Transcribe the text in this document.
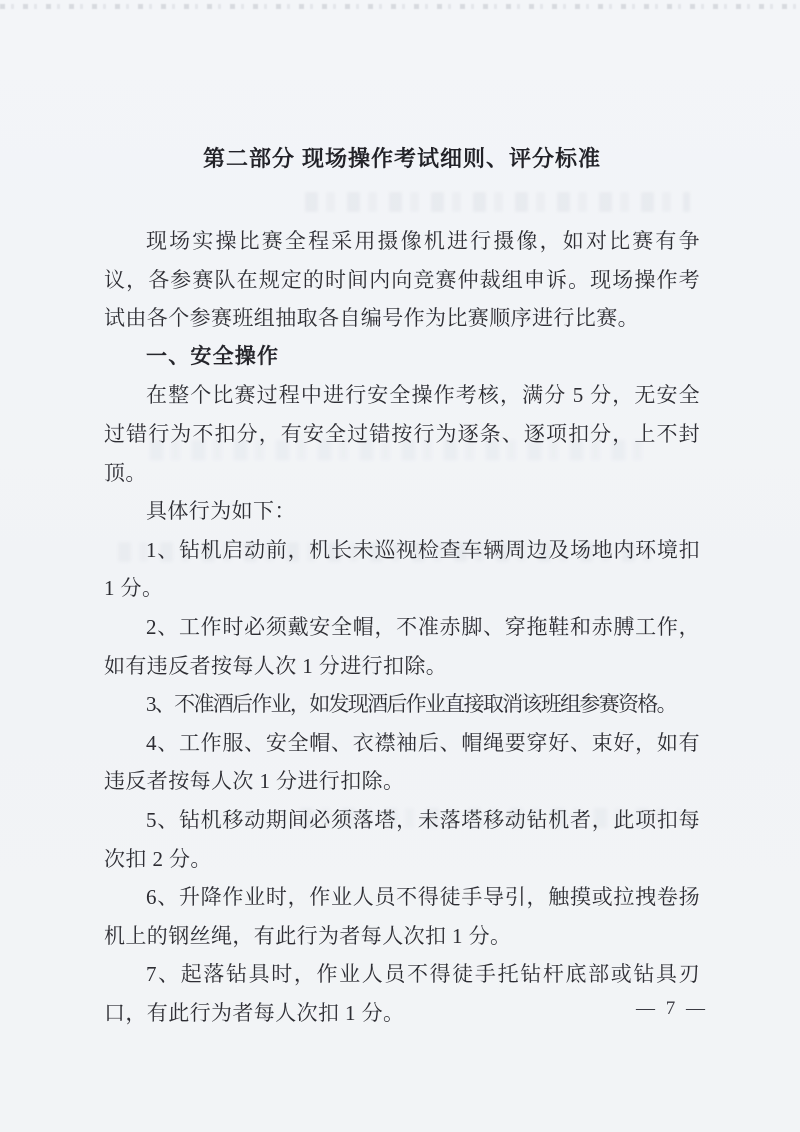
第二部分 现场操作考试细则、评分标准

现场实操比赛全程采用摄像机进行摄像，如对比赛有争议，各参赛队在规定的时间内向竞赛仲裁组申诉。现场操作考试由各个参赛班组抽取各自编号作为比赛顺序进行比赛。

一、安全操作

在整个比赛过程中进行安全操作考核，满分 5 分，无安全过错行为不扣分，有安全过错按行为逐条、逐项扣分，上不封顶。

具体行为如下：

1、钻机启动前，机长未巡视检查车辆周边及场地内环境扣 1 分。

2、工作时必须戴安全帽，不准赤脚、穿拖鞋和赤膊工作，如有违反者按每人次 1 分进行扣除。

3、不准酒后作业，如发现酒后作业直接取消该班组参赛资格。

4、工作服、安全帽、衣襟袖后、帽绳要穿好、束好，如有违反者按每人次 1 分进行扣除。

5、钻机移动期间必须落塔，未落塔移动钻机者，此项扣每次扣 2 分。

6、升降作业时，作业人员不得徒手导引，触摸或拉拽卷扬机上的钢丝绳，有此行为者每人次扣 1 分。

7、起落钻具时，作业人员不得徒手托钻杆底部或钻具刃口，有此行为者每人次扣 1 分。	— 7 —
